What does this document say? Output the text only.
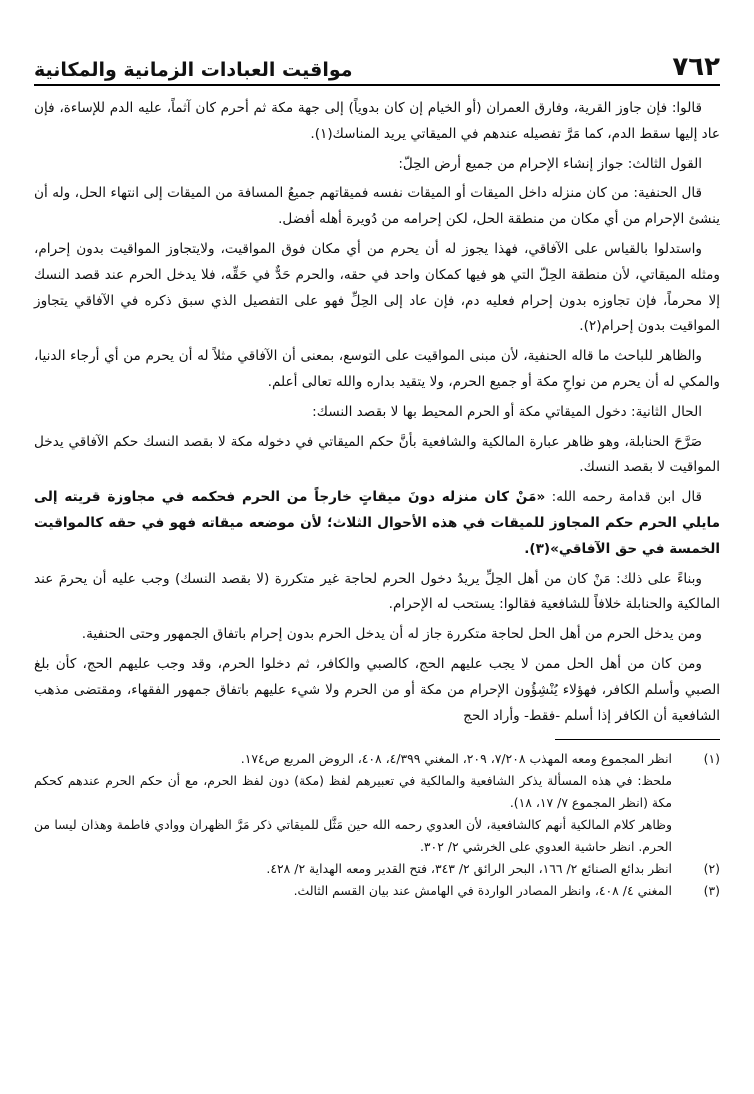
٧٦٢
مواقيت العبادات الزمانية والمكانية

قالوا: فإن جاوز القرية، وفارق العمران (أو الخيام إن كان بدوياً) إلى جهة مكة ثم أحرم كان آثماً، عليه الدم للإساءة، فإن عاد إليها سقط الدم، كما مَرَّ تفصيله عندهم في الميقاتي يريد المناسك(١).

القول الثالث: جواز إنشاء الإحرام من جميع أرض الحِلّ:

قال الحنفية: من كان منزله داخل الميقات أو الميقات نفسه فميقاتهم جميعُ المسافة من الميقات إلى انتهاء الحل، وله أن ينشئ الإحرام من أي مكان من منطقة الحل، لكن إحرامه من دُويرة أهله أفضل.

واستدلوا بالقياس على الآفاقي، فهذا يجوز له أن يحرم من أي مكان فوق المواقيت، ولايتجاوز المواقيت بدون إحرام، ومثله الميقاتي، لأن منطقة الحِلّ التي هو فيها كمكان واحد في حقه، والحرم حَدٌّ في حَقِّه، فلا يدخل الحرم عند قصد النسك إلا محرماً، فإن تجاوزه بدون إحرام فعليه دم، فإن عاد إلى الحِلِّ فهو على التفصيل الذي سبق ذكره في الآفاقي يتجاوز المواقيت بدون إحرام(٢).

والظاهر للباحث ما قاله الحنفية، لأن مبنى المواقيت على التوسع، بمعنى أن الآفاقي مثلاً له أن يحرم من أي أرجاء الدنيا، والمكي له أن يحرم من نواحِ مكة أو جميع الحرم، ولا يتقيد بداره والله تعالى أعلم.

الحال الثانية: دخول الميقاتي مكة أو الحرم المحيط بها لا بقصد النسك:

صَرَّحَ الحنابلة، وهو ظاهر عبارة المالكية والشافعية بأنَّ حكم الميقاتي في دخوله مكة لا بقصد النسك حكم الآفاقي يدخل المواقيت لا بقصد النسك.

قال ابن قدامة رحمه الله: «مَنْ كان منزله دونَ ميقاتٍ خارجاً من الحرم فحكمه في مجاوزة قريته إلى مايلي الحرم حكم المجاوز للميقات في هذه الأحوال الثلاث؛ لأن موضعه ميقاته فهو في حقه كالمواقيت الخمسة في حق الآفاقي»(٣).

وبناءً على ذلك: مَنْ كان من أهل الحِلِّ يريدُ دخول الحرم لحاجة غير متكررة (لا بقصد النسك) وجب عليه أن يحرمَ عند المالكية والحنابلة خلافاً للشافعية فقالوا: يستحب له الإحرام.

ومن يدخل الحرم من أهل الحل لحاجة متكررة جاز له أن يدخل الحرم بدون إحرام باتفاق الجمهور وحتى الحنفية.

ومن كان من أهل الحل ممن لا يجب عليهم الحج، كالصبي والكافر، ثم دخلوا الحرم، وقد وجب عليهم الحج، كأن بلغ الصبي وأسلم الكافر، فهؤلاء يُنْشِؤُون الإحرام من مكة أو من الحرم ولا شيء عليهم باتفاق جمهور الفقهاء، ومقتضى مذهب الشافعية أن الكافر إذا أسلم -فقط- وأراد الحج

(١)
انظر المجموع ومعه المهذب ٧/٢٠٨، ٢٠٩، المغني ٤/٣٩٩، ٤٠٨، الروض المربع ص١٧٤.
ملحظ: في هذه المسألة يذكر الشافعية والمالكية في تعبيرهم لفظ (مكة) دون لفظ الحرم، مع أن حكم الحرم عندهم كحكم مكة (انظر المجموع ٧/ ١٧، ١٨).
وظاهر كلام المالكية أنهم كالشافعية، لأن العدوي رحمه الله حين مَثَّل للميقاتي ذكر مَرَّ الظهران ووادي فاطمة وهذان ليسا من الحرم. انظر حاشية العدوي على الخرشي ٢/ ٣٠٢.
(٢)
انظر بدائع الصنائع ٢/ ١٦٦، البحر الرائق ٢/ ٣٤٣، فتح القدير ومعه الهداية ٢/ ٤٢٨.
(٣)
المغني ٤/ ٤٠٨، وانظر المصادر الواردة في الهامش عند بيان القسم الثالث.
